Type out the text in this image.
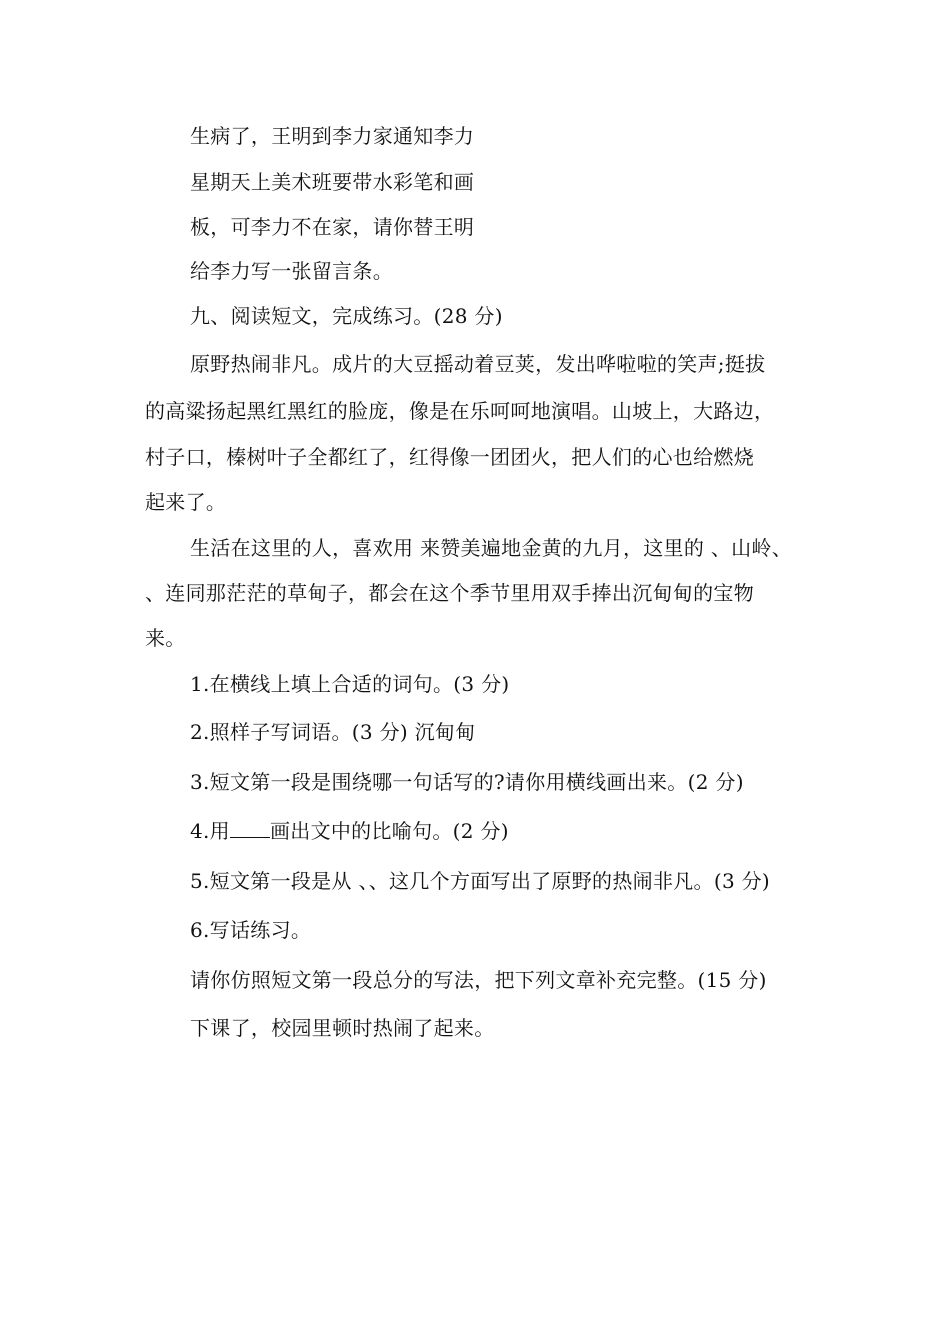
生病了，王明到李力家通知李力
星期天上美术班要带水彩笔和画
板，可李力不在家，请你替王明
给李力写一张留言条。
九、阅读短文，完成练习。(28 分)
原野热闹非凡。成片的大豆摇动着豆荚，发出哗啦啦的笑声;挺拔
的高粱扬起黑红黑红的脸庞，像是在乐呵呵地演唱。山坡上，大路边，
村子口，榛树叶子全都红了，红得像一团团火，把人们的心也给燃烧
起来了。
生活在这里的人，喜欢用 来赞美遍地金黄的九月，这里的 、山岭、
、连同那茫茫的草甸子，都会在这个季节里用双手捧出沉甸甸的宝物
来。
1.在横线上填上合适的词句。(3 分)
2.照样子写词语。(3 分) 沉甸甸
3.短文第一段是围绕哪一句话写的?请你用横线画出来。(2 分)
4.用 画出文中的比喻句。(2 分)
5.短文第一段是从 、、这几个方面写出了原野的热闹非凡。(3 分)
6.写话练习。
请你仿照短文第一段总分的写法，把下列文章补充完整。(15 分)
下课了，校园里顿时热闹了起来。
